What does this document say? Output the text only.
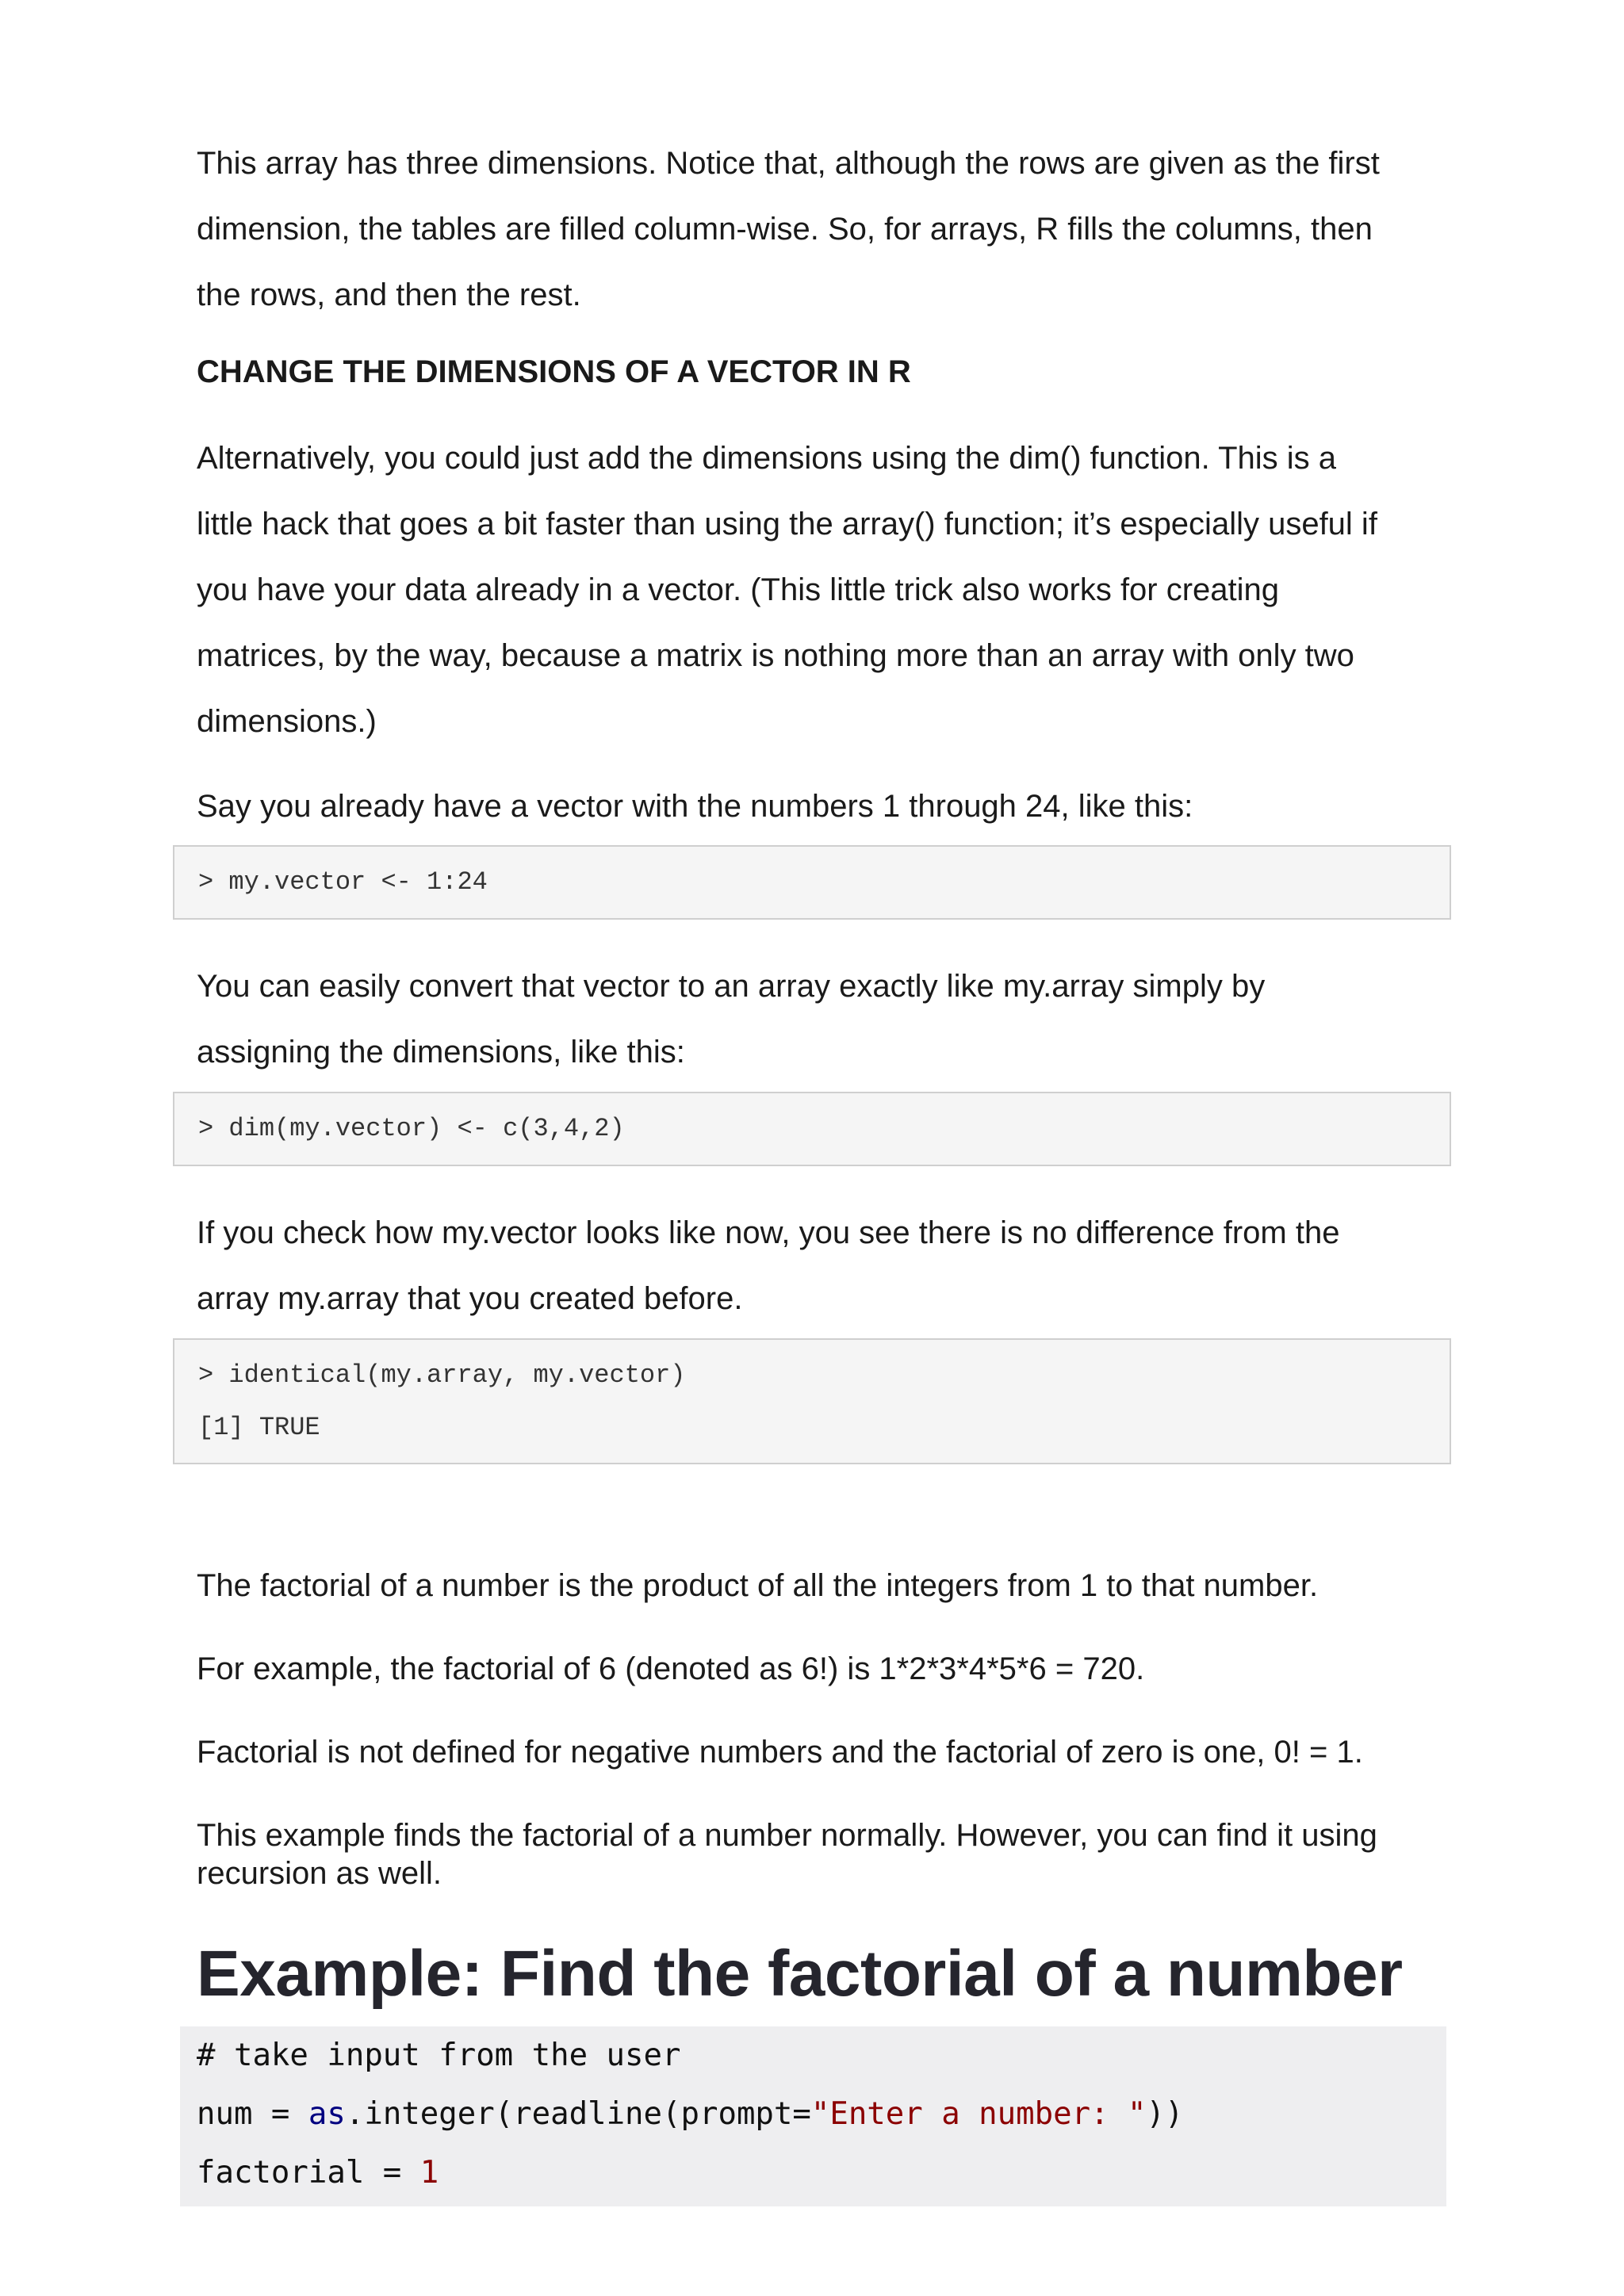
This array has three dimensions. Notice that, although the rows are given as the first
dimension, the tables are filled column-wise. So, for arrays, R fills the columns, then
the rows, and then the rest.
CHANGE THE DIMENSIONS OF A VECTOR IN R
Alternatively, you could just add the dimensions using the dim() function. This is a
little hack that goes a bit faster than using the array() function; it’s especially useful if
you have your data already in a vector. (This little trick also works for creating
matrices, by the way, because a matrix is nothing more than an array with only two
dimensions.)
Say you already have a vector with the numbers 1 through 24, like this:
> my.vector <- 1:24
You can easily convert that vector to an array exactly like my.array simply by
assigning the dimensions, like this:
> dim(my.vector) <- c(3,4,2)
If you check how my.vector looks like now, you see there is no difference from the
array my.array that you created before.
> identical(my.array, my.vector)
[1] TRUE
The factorial of a number is the product of all the integers from 1 to that number.
For example, the factorial of 6 (denoted as 6!) is 1*2*3*4*5*6 = 720.
Factorial is not defined for negative numbers and the factorial of zero is one, 0! = 1.
This example finds the factorial of a number normally. However, you can find it using
recursion as well.
Example: Find the factorial of a number
# take input from the user
num = as.integer(readline(prompt="Enter a number: "))
factorial = 1
